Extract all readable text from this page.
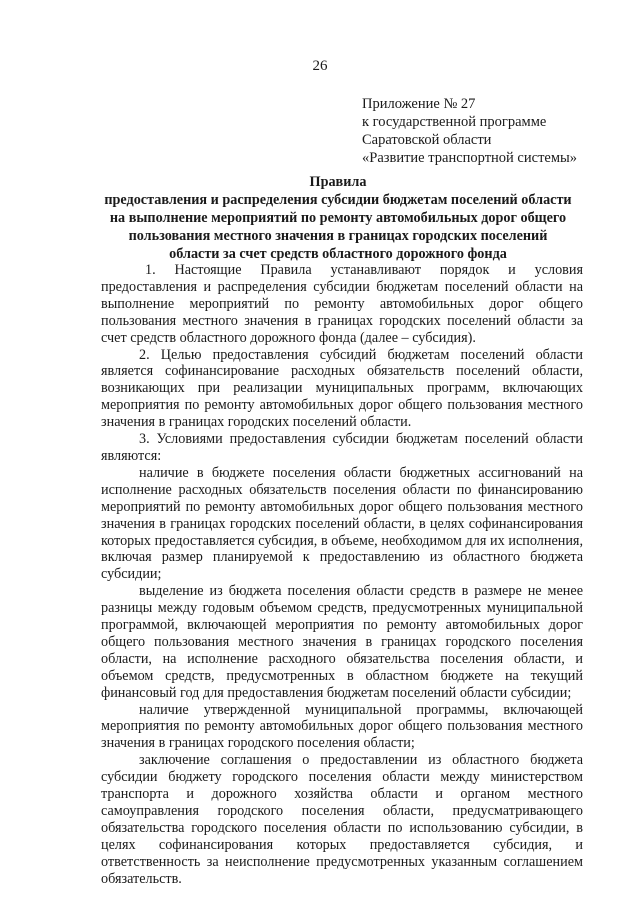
26
Приложение № 27
к государственной программе
Саратовской области
«Развитие транспортной системы»
Правила
предоставления и распределения субсидии бюджетам поселений области
на выполнение мероприятий по ремонту автомобильных дорог общего
пользования местного значения в границах городских поселений
области за счет средств областного дорожного фонда

1. Настоящие Правила устанавливают порядок и условия предоставления и распределения субсидии бюджетам поселений области на выполнение мероприятий по ремонту автомобильных дорог общего пользования местного значения в границах городских поселений области за счет средств областного дорожного фонда (далее – субсидия).

2. Целью предоставления субсидий бюджетам поселений области является софинансирование расходных обязательств поселений области, возникающих при реализации муниципальных программ, включающих мероприятия по ремонту автомобильных дорог общего пользования местного значения в границах городских поселений области.

3. Условиями предоставления субсидии бюджетам поселений области являются:

наличие в бюджете поселения области бюджетных ассигнований на исполнение расходных обязательств поселения области по финансированию мероприятий по ремонту автомобильных дорог общего пользования местного значения в границах городских поселений области, в целях софинансирования которых предоставляется субсидия, в объеме, необходимом для их исполнения, включая размер планируемой к предоставлению из областного бюджета субсидии;

выделение из бюджета поселения области средств в размере не менее разницы между годовым объемом средств, предусмотренных муниципальной программой, включающей мероприятия по ремонту автомобильных дорог общего пользования местного значения в границах городского поселения области, на исполнение расходного обязательства поселения области, и объемом средств, предусмотренных в областном бюджете на текущий финансовый год для предоставления бюджетам поселений области субсидии;

наличие утвержденной муниципальной программы, включающей мероприятия по ремонту автомобильных дорог общего пользования местного значения в границах городского поселения области;

заключение соглашения о предоставлении из областного бюджета субсидии бюджету городского поселения области между министерством транспорта и дорожного хозяйства области и органом местного самоуправления городского поселения области, предусматривающего обязательства городского поселения области по использованию субсидии, в целях софинансирования которых предоставляется субсидия, и ответственность за неисполнение предусмотренных указанным соглашением обязательств.
